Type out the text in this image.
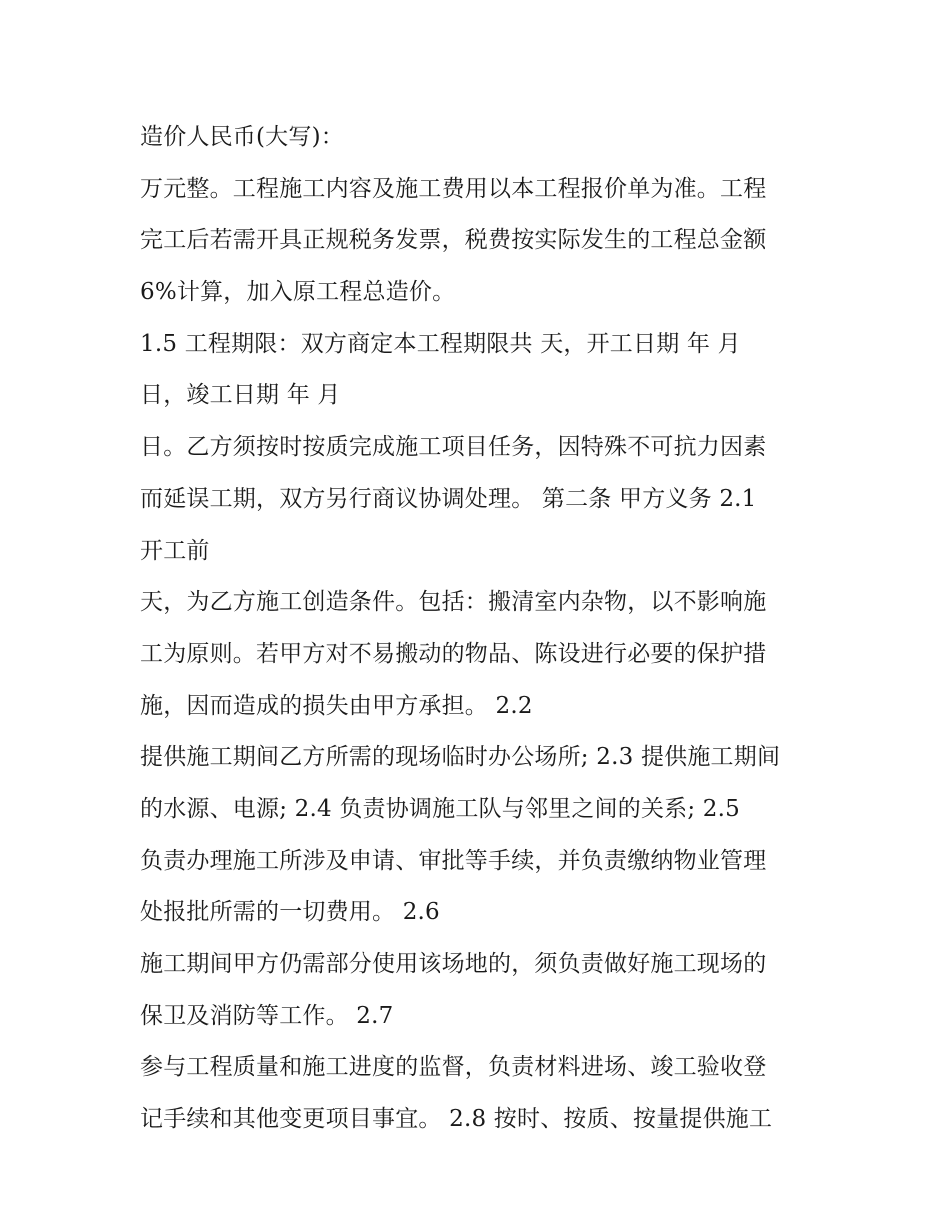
造价人民币(大写)：
万元整。工程施工内容及施工费用以本工程报价单为准。工程
完工后若需开具正规税务发票，税费按实际发生的工程总金额
6%计算，加入原工程总造价。
1.5 工程期限：双方商定本工程期限共 天，开工日期 年 月
日，竣工日期 年 月
日。乙方须按时按质完成施工项目任务，因特殊不可抗力因素
而延误工期，双方另行商议协调处理。 第二条 甲方义务 2.1
开工前
天，为乙方施工创造条件。包括：搬清室内杂物，以不影响施
工为原则。若甲方对不易搬动的物品、陈设进行必要的保护措
施，因而造成的损失由甲方承担。 2.2
提供施工期间乙方所需的现场临时办公场所; 2.3 提供施工期间
的水源、电源; 2.4 负责协调施工队与邻里之间的关系; 2.5
负责办理施工所涉及申请、审批等手续，并负责缴纳物业管理
处报批所需的一切费用。 2.6
施工期间甲方仍需部分使用该场地的，须负责做好施工现场的
保卫及消防等工作。 2.7
参与工程质量和施工进度的监督，负责材料进场、竣工验收登
记手续和其他变更项目事宜。 2.8 按时、按质、按量提供施工
